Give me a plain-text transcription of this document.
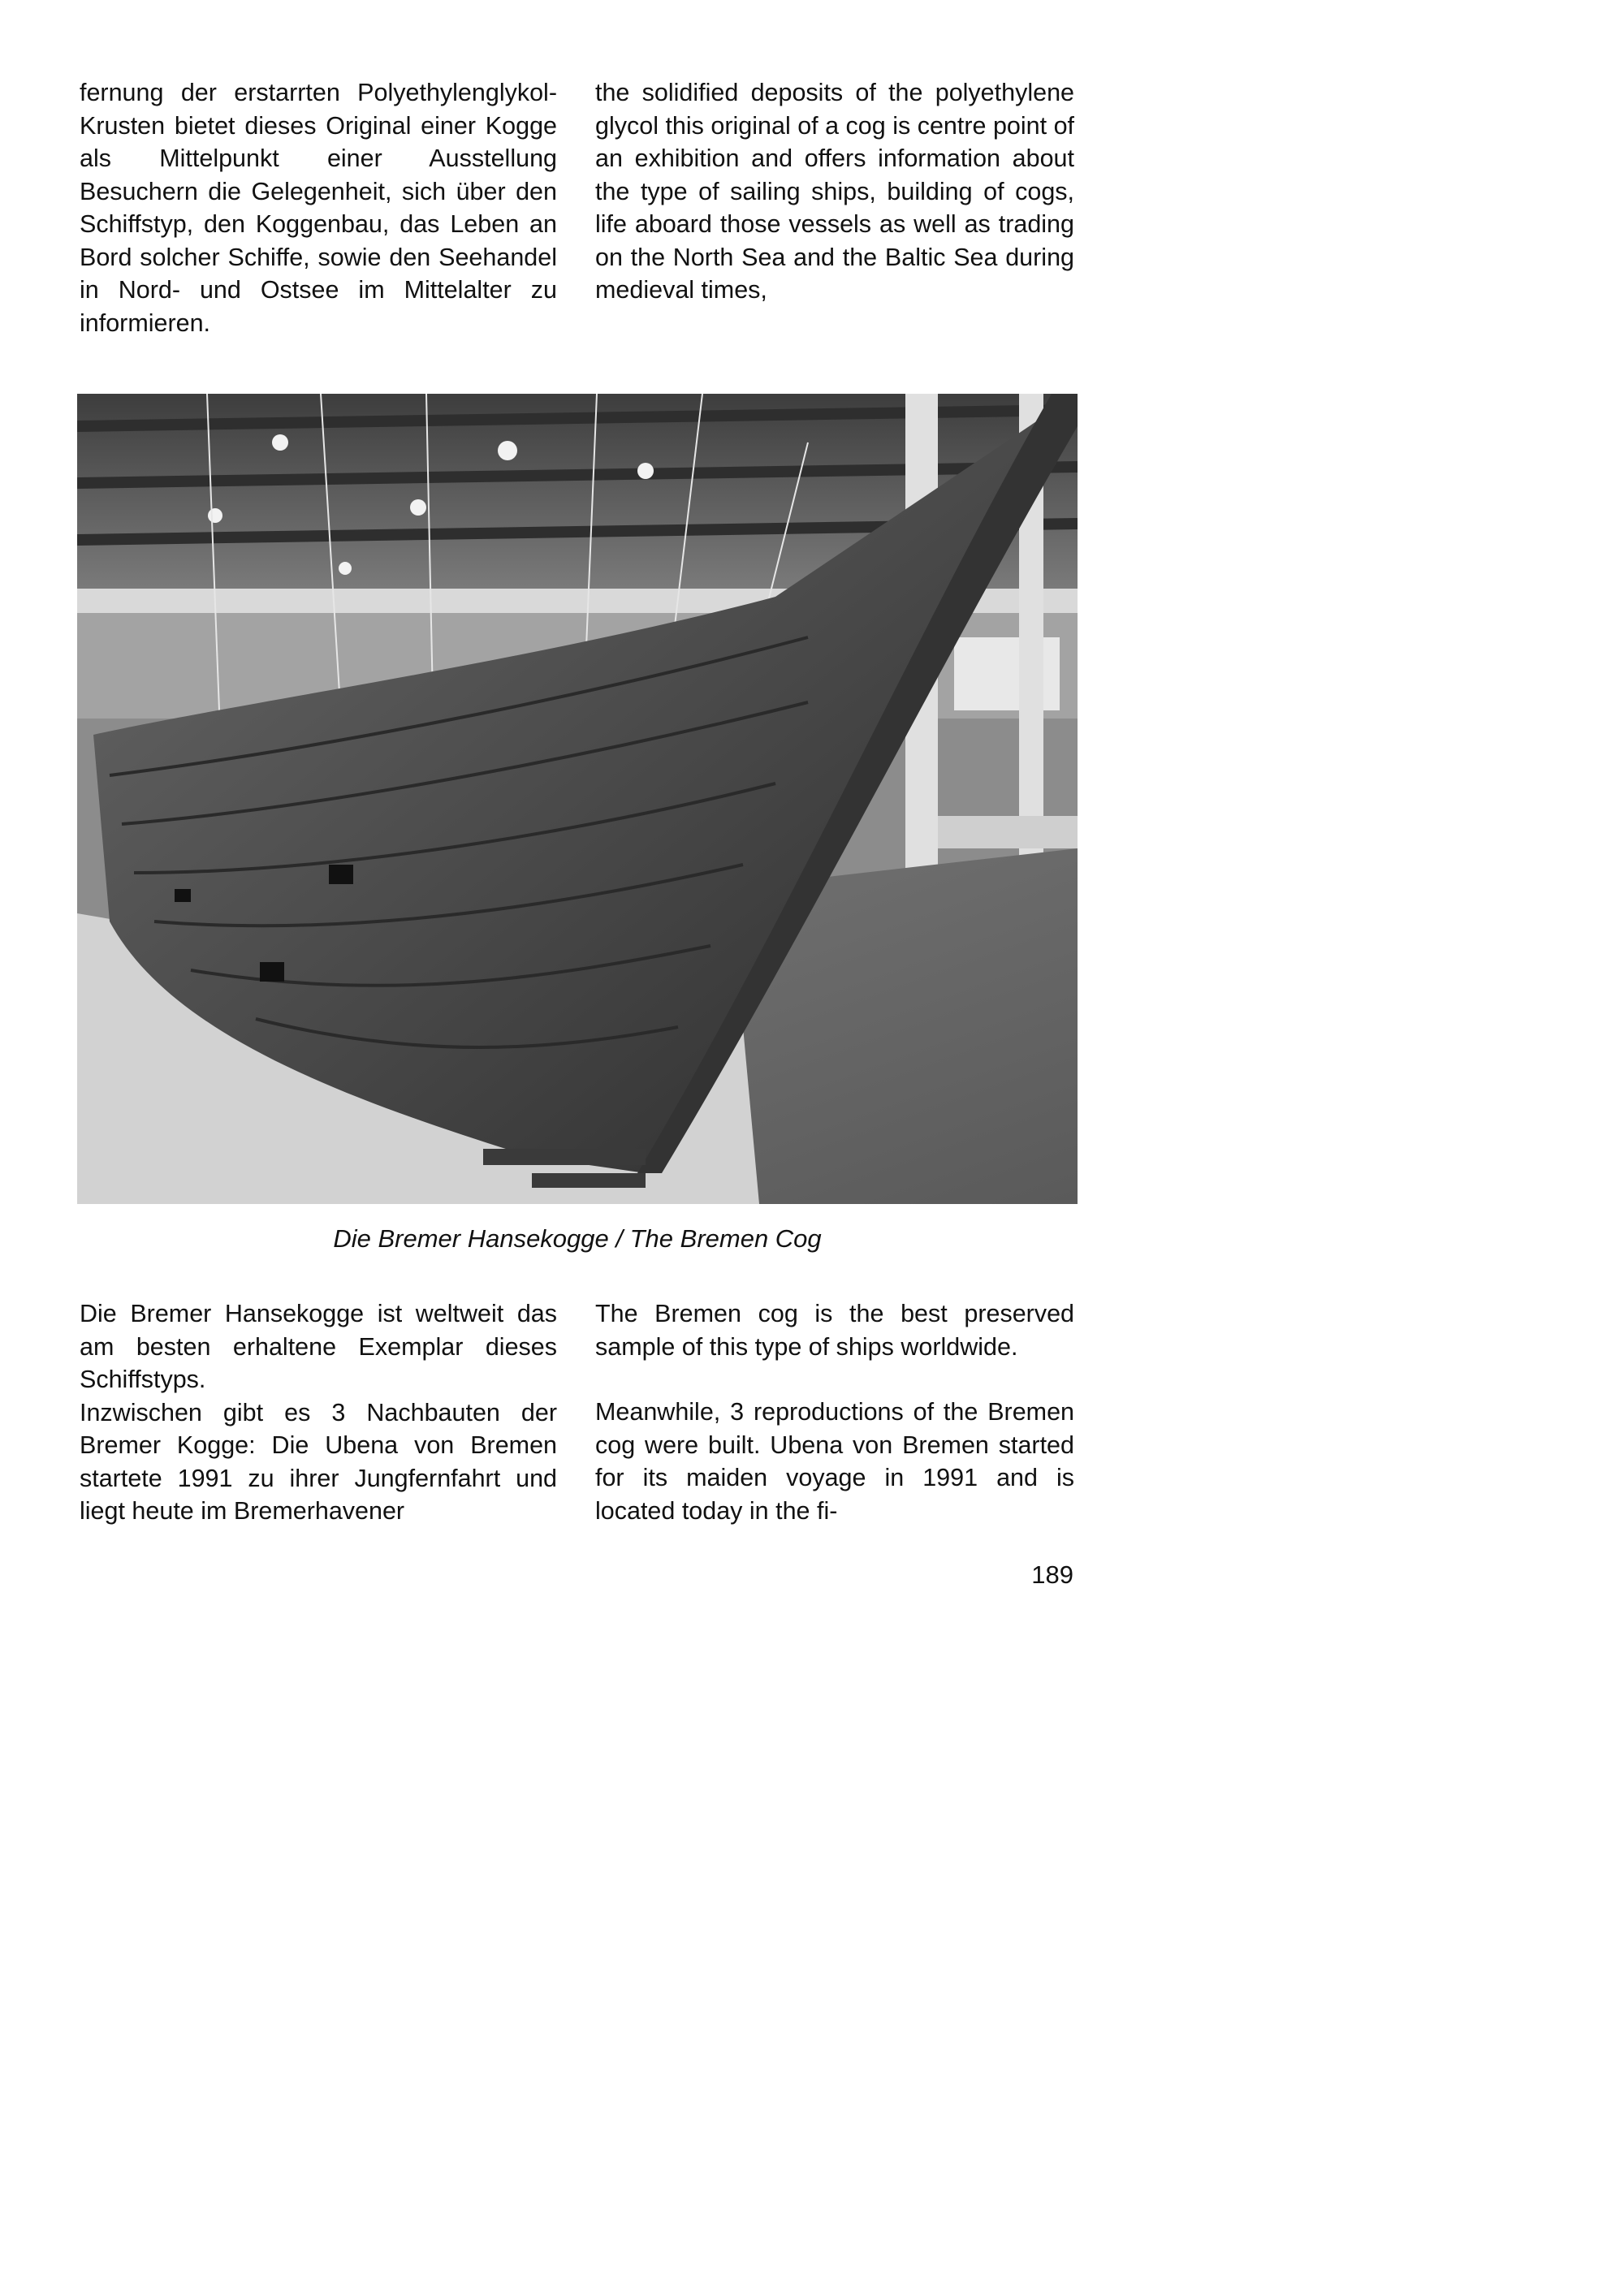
fernung der erstarrten Polyethylenglykol-Krusten bietet dieses Original einer Kogge als Mittelpunkt einer Ausstellung Besuchern die Gelegenheit, sich über den Schiffstyp, den Koggenbau, das Leben an Bord solcher Schiffe, sowie den Seehandel in Nord- und Ostsee im Mittelalter zu informieren.

the solidified deposits of the polyethylene glycol this original of a cog is centre point of an exhibition and offers information about the type of sailing ships, building of cogs, life aboard those vessels as well as trading on the North Sea and the Baltic Sea during medieval times,

Die Bremer Hansekogge / The Bremen Cog

Die Bremer Hansekogge ist weltweit das am besten erhaltene Exemplar dieses Schiffstyps.

Inzwischen gibt es 3 Nachbauten der Bremer Kogge: Die Ubena von Bremen startete 1991 zu ihrer Jungfernfahrt und liegt heute im Bremerhavener

The Bremen cog is the best preserved sample of this type of ships worldwide.

Meanwhile, 3 reproductions of the Bremen cog were built. Ubena von Bremen started for its maiden voyage in 1991 and is located today in the fi-

189
